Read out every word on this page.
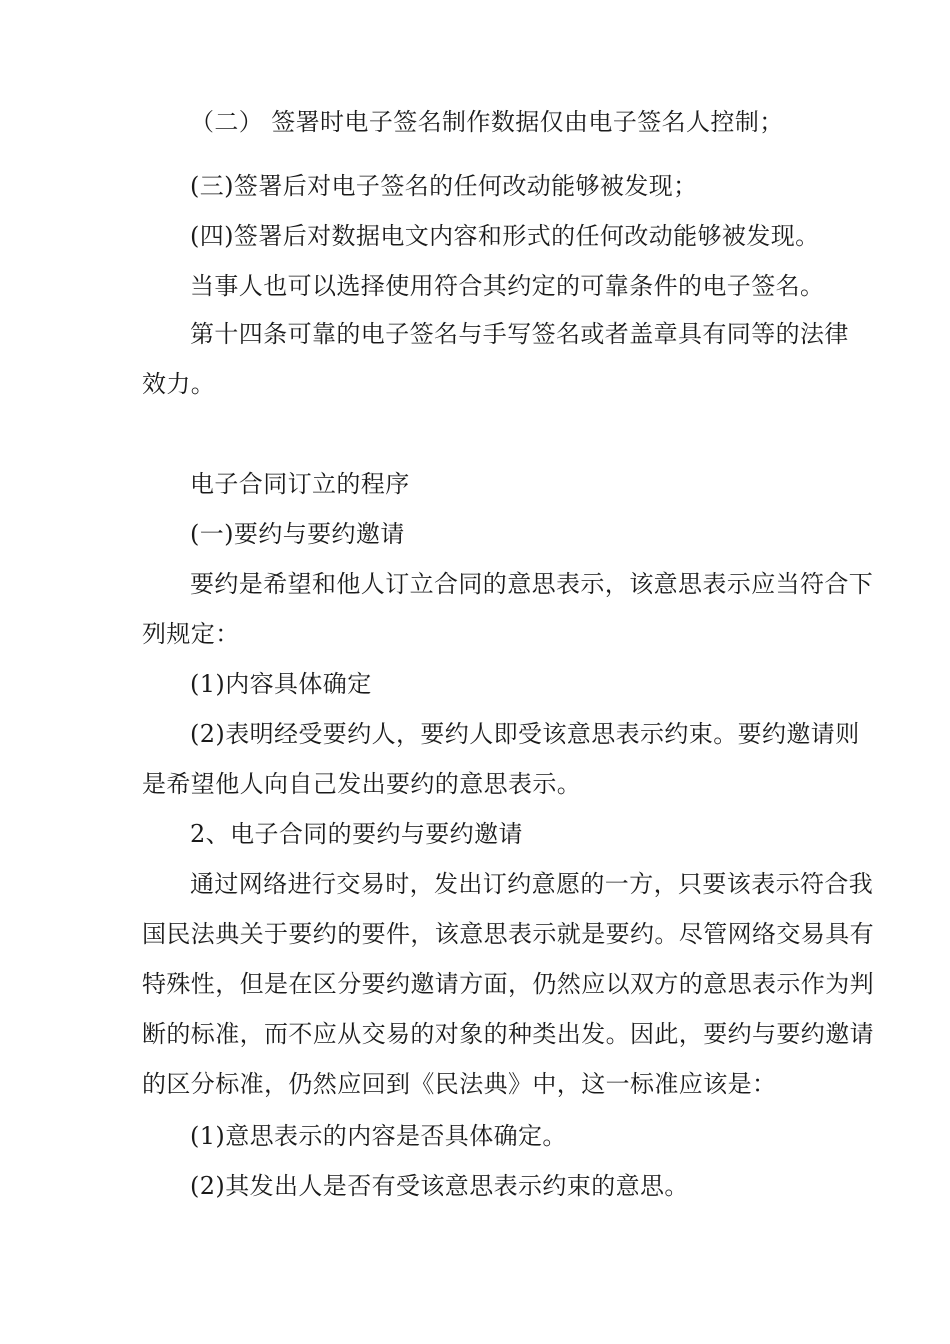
（二） 签署时电子签名制作数据仅由电子签名人控制；
(三)签署后对电子签名的任何改动能够被发现；
(四)签署后对数据电文内容和形式的任何改动能够被发现。
当事人也可以选择使用符合其约定的可靠条件的电子签名。
第十四条可靠的电子签名与手写签名或者盖章具有同等的法律
效力。
电子合同订立的程序
(一)要约与要约邀请
要约是希望和他人订立合同的意思表示，该意思表示应当符合下
列规定：
(1)内容具体确定
(2)表明经受要约人，要约人即受该意思表示约束。要约邀请则
是希望他人向自己发出要约的意思表示。
2、电子合同的要约与要约邀请
通过网络进行交易时，发出订约意愿的一方，只要该表示符合我
国民法典关于要约的要件，该意思表示就是要约。尽管网络交易具有
特殊性，但是在区分要约邀请方面，仍然应以双方的意思表示作为判
断的标准，而不应从交易的对象的种类出发。因此，要约与要约邀请
的区分标准，仍然应回到《民法典》中，这一标准应该是：
(1)意思表示的内容是否具体确定。
(2)其发出人是否有受该意思表示约束的意思。
